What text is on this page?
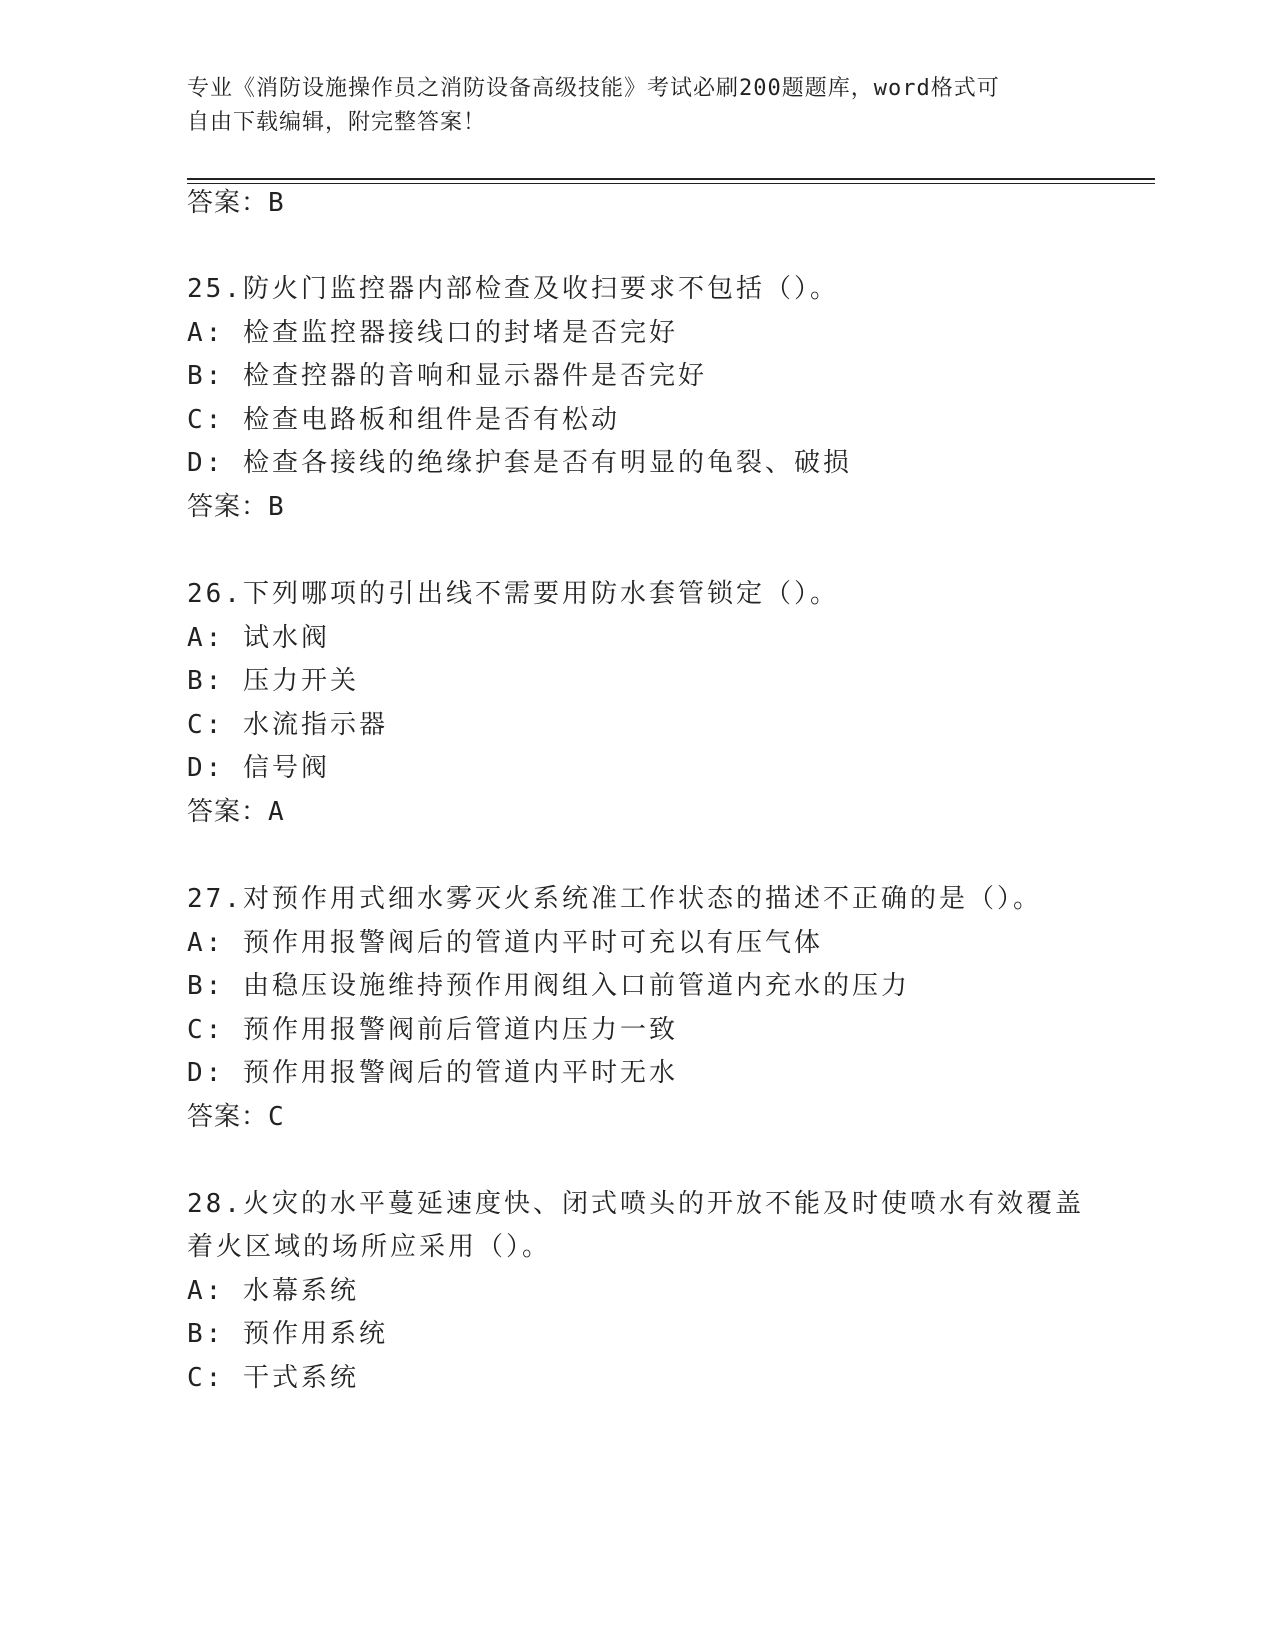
专业《消防设施操作员之消防设备高级技能》考试必刷200题题库，word格式可
自由下载编辑，附完整答案！
答案：B
25.防火门监控器内部检查及收扫要求不包括（）。
A: 检查监控器接线口的封堵是否完好
B: 检查控器的音响和显示器件是否完好
C: 检查电路板和组件是否有松动
D: 检查各接线的绝缘护套是否有明显的龟裂、破损
答案：B
26.下列哪项的引出线不需要用防水套管锁定（）。
A: 试水阀
B: 压力开关
C: 水流指示器
D: 信号阀
答案：A
27.对预作用式细水雾灭火系统准工作状态的描述不正确的是（）。
A: 预作用报警阀后的管道内平时可充以有压气体
B: 由稳压设施维持预作用阀组入口前管道内充水的压力
C: 预作用报警阀前后管道内压力一致
D: 预作用报警阀后的管道内平时无水
答案：C
28.火灾的水平蔓延速度快、闭式喷头的开放不能及时使喷水有效覆盖
着火区域的场所应采用（）。
A: 水幕系统
B: 预作用系统
C: 干式系统
